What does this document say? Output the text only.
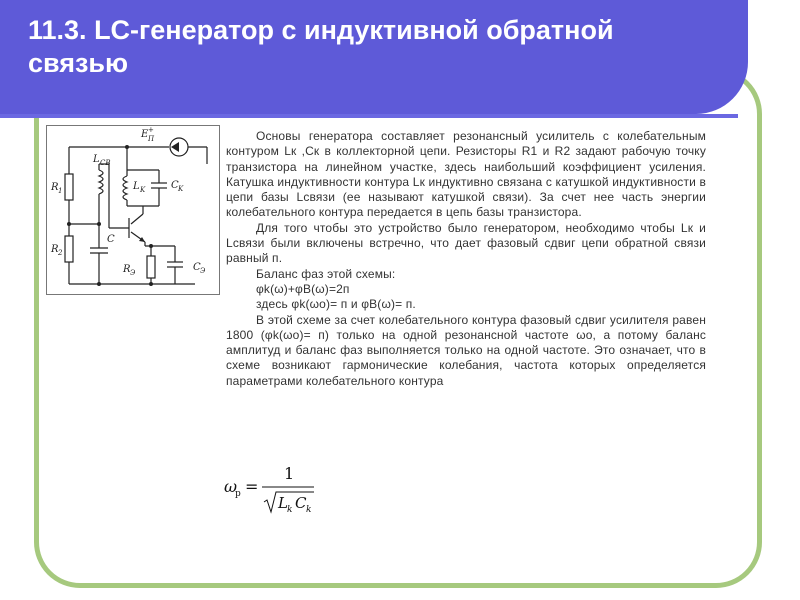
11.3. LC-генератор с индуктивной обратной связью
E П
+
L CB
L K	C K
R 1
R 2
C
R Э	C Э

Основы генератора составляет резонансный усилитель с колебательным контуром Lк ,Ск в коллекторной цепи. Резисторы R1 и R2 задают рабочую точку транзистора на линейном участке, здесь наибольший коэффициент усиления. Катушка индуктивности контура Lк индуктивно связана с катушкой индуктивности в цепи базы Lсвязи (ее называют катушкой связи). За счет нее часть энергии колебательного контура передается в цепь базы транзистора.

Для того чтобы это устройство было генератором, необходимо чтобы Lк и Lсвязи были включены встречно, что дает фазовый сдвиг цепи обратной связи равный п.

Баланс фаз этой схемы:

φk(ω)+φB(ω)=2п

здесь φk(ωo)= п и φB(ω)= п.

В этой схеме за счет колебательного контура фазовый сдвиг усилителя равен 1800 (φk(ωo)= п) только на одной резонансной частоте ωo, а потому баланс амплитуд и баланс фаз выполняется только на одной частоте. Это означает, что в схеме возникают гармонические колебания, частота которых определяется параметрами колебательного контура

ω
p =
1
L k C k
